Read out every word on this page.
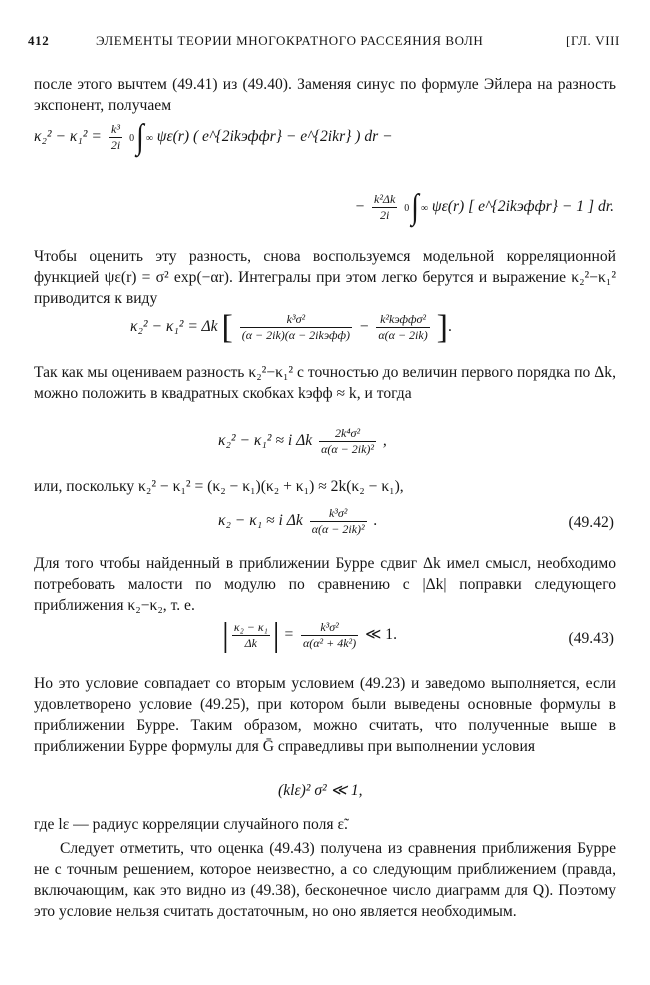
412	ЭЛЕМЕНТЫ ТЕОРИИ МНОГОКРАТНОГО РАССЕЯНИЯ ВОЛН	[ГЛ. VIII

после этого вычтем (49.41) из (49.40). Заменяя синус по формуле Эйлера на разность экспонент, получаем

$\kappa_2^2 - \kappa_1^2 = \frac{\text{k³}}{2i} 0\int$ ∞ ψε(r) ( e^{2ikэффr} − e^{2ikr} ) dr −
− $\frac{\text{k²Δk}}{2i} 0\int$ ∞ ψε(r) [ e^{2ikэффr} − 1 ] dr.

Чтобы оценить эту разность, снова воспользуемся модельной корреляционной функцией ψε(r) = σ² exp(−αr). Интегралы при этом легко берутся и выражение κ₂²−κ₁² приводится к виду

κ₂² − κ₁² = Δk [ $\frac{\text{k³σ²}}{\text{(α − 2ik)(α − 2ikэфф)}} - \frac{\text{k²kэффσ²}}{\alpha(\alpha - 2ik)}$ ].

Так как мы оцениваем разность κ₂²−κ₁² с точностью до величин первого порядка по Δk, можно положить в квадратных скобках kэфф ≈ k, и тогда

κ₂² − κ₁² ≈ i Δk $\frac{\text{2k⁴σ²}}{\text{α(α − 2ik)²}}$ ,

или, поскольку κ₂² − κ₁² = (κ₂ − κ₁)(κ₂ + κ₁) ≈ 2k(κ₂ − κ₁),

κ₂ − κ₁ ≈ i Δk $\frac{\text{k³σ²}}{\text{α(α − 2ik)²}}$ .	(49.42)

Для того чтобы найденный в приближении Бурре сдвиг Δk имел смысл, необходимо потребовать малости по модулю по сравнению с |Δk| поправки следующего приближения κ₂−κ₂, т. е.

| $\frac{\text{κ₂ − κ₁}}{\Delta k}$ | = $\frac{\text{k³σ²}}{\text{α(α² + 4k²)}}$ ≪ 1.	(49.43)

Но это условие совпадает со вторым условием (49.23) и заведомо выполняется, если удовлетворено условие (49.25), при котором были выведены основные формулы в приближении Бурре. Таким образом, можно считать, что полученные выше в приближении Бурре формулы для Ḡ справедливы при выполнении условия

(klε)² σ² ≪ 1,

где lε — радиус корреляции случайного поля ε̃.

Следует отметить, что оценка (49.43) получена из сравнения приближения Бурре не с точным решением, которое неизвестно, а со следующим приближением (правда, включающим, как это видно из (49.38), бесконечное число диаграмм для Q). Поэтому это условие нельзя считать достаточным, но оно является необходимым.
